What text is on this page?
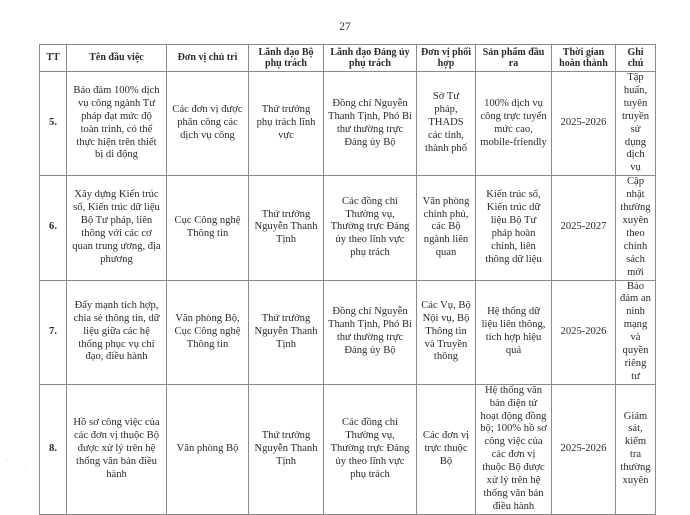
27
TT	Tên đầu việc	Đơn vị chủ trì	Lãnh đạo Bộ phụ trách	Lãnh đạo Đảng ủy phụ trách	Đơn vị phối hợp	Sản phẩm đầu ra	Thời gian hoàn thành	Ghi chú
5.	Bảo đảm 100% dịch vụ công ngành Tư pháp đạt mức độ toàn trình, có thể thực hiện trên thiết bị di động	Các đơn vị được phân công các dịch vụ công	Thứ trưởng phụ trách lĩnh vực	Đồng chí Nguyễn Thanh Tịnh, Phó Bí thư thường trực Đảng ủy Bộ	Sở Tư pháp, THADS các tỉnh, thành phố	100% dịch vụ công trực tuyến mức cao, mobile-friendly	2025-2026	Tập huấn, tuyên truyền sử dụng dịch vụ
6.	Xây dựng Kiến trúc số, Kiến trúc dữ liệu Bộ Tư pháp, liên thông với các cơ quan trung ương, địa phương	Cục Công nghệ Thông tin	Thứ trưởng Nguyễn Thanh Tịnh	Các đồng chí Thường vụ, Thường trực Đảng ủy theo lĩnh vực phụ trách	Văn phòng chính phủ, các Bộ ngành liên quan	Kiến trúc số, Kiến trúc dữ liệu Bộ Tư pháp hoàn chỉnh, liên thông dữ liệu	2025-2027	Cập nhật thường xuyên theo chính sách mới
7.	Đẩy mạnh tích hợp, chia sẻ thông tin, dữ liệu giữa các hệ thống phục vụ chỉ đạo, điều hành	Văn phòng Bộ, Cục Công nghệ Thông tin	Thứ trưởng Nguyễn Thanh Tịnh	Đồng chí Nguyễn Thanh Tịnh, Phó Bí thư thường trực Đảng ủy Bộ	Các Vụ, Bộ Nội vụ, Bộ Thông tin và Truyền thông	Hệ thống dữ liệu liên thông, tích hợp hiệu quả	2025-2026	Bảo đảm an ninh mạng và quyền riêng tư
8.	Hồ sơ công việc của các đơn vị thuộc Bộ được xử lý trên hệ thống văn bản điều hành	Văn phòng Bộ	Thứ trưởng Nguyễn Thanh Tịnh	Các đồng chí Thường vụ, Thường trực Đảng ủy theo lĩnh vực phụ trách	Các đơn vị trực thuộc Bộ	Hệ thống văn bản điện tử hoạt động đồng bộ; 100% hồ sơ công việc của các đơn vị thuộc Bộ được xử lý trên hệ thống văn bản điều hành	2025-2026	Giám sát, kiểm tra thường xuyên
·
·
